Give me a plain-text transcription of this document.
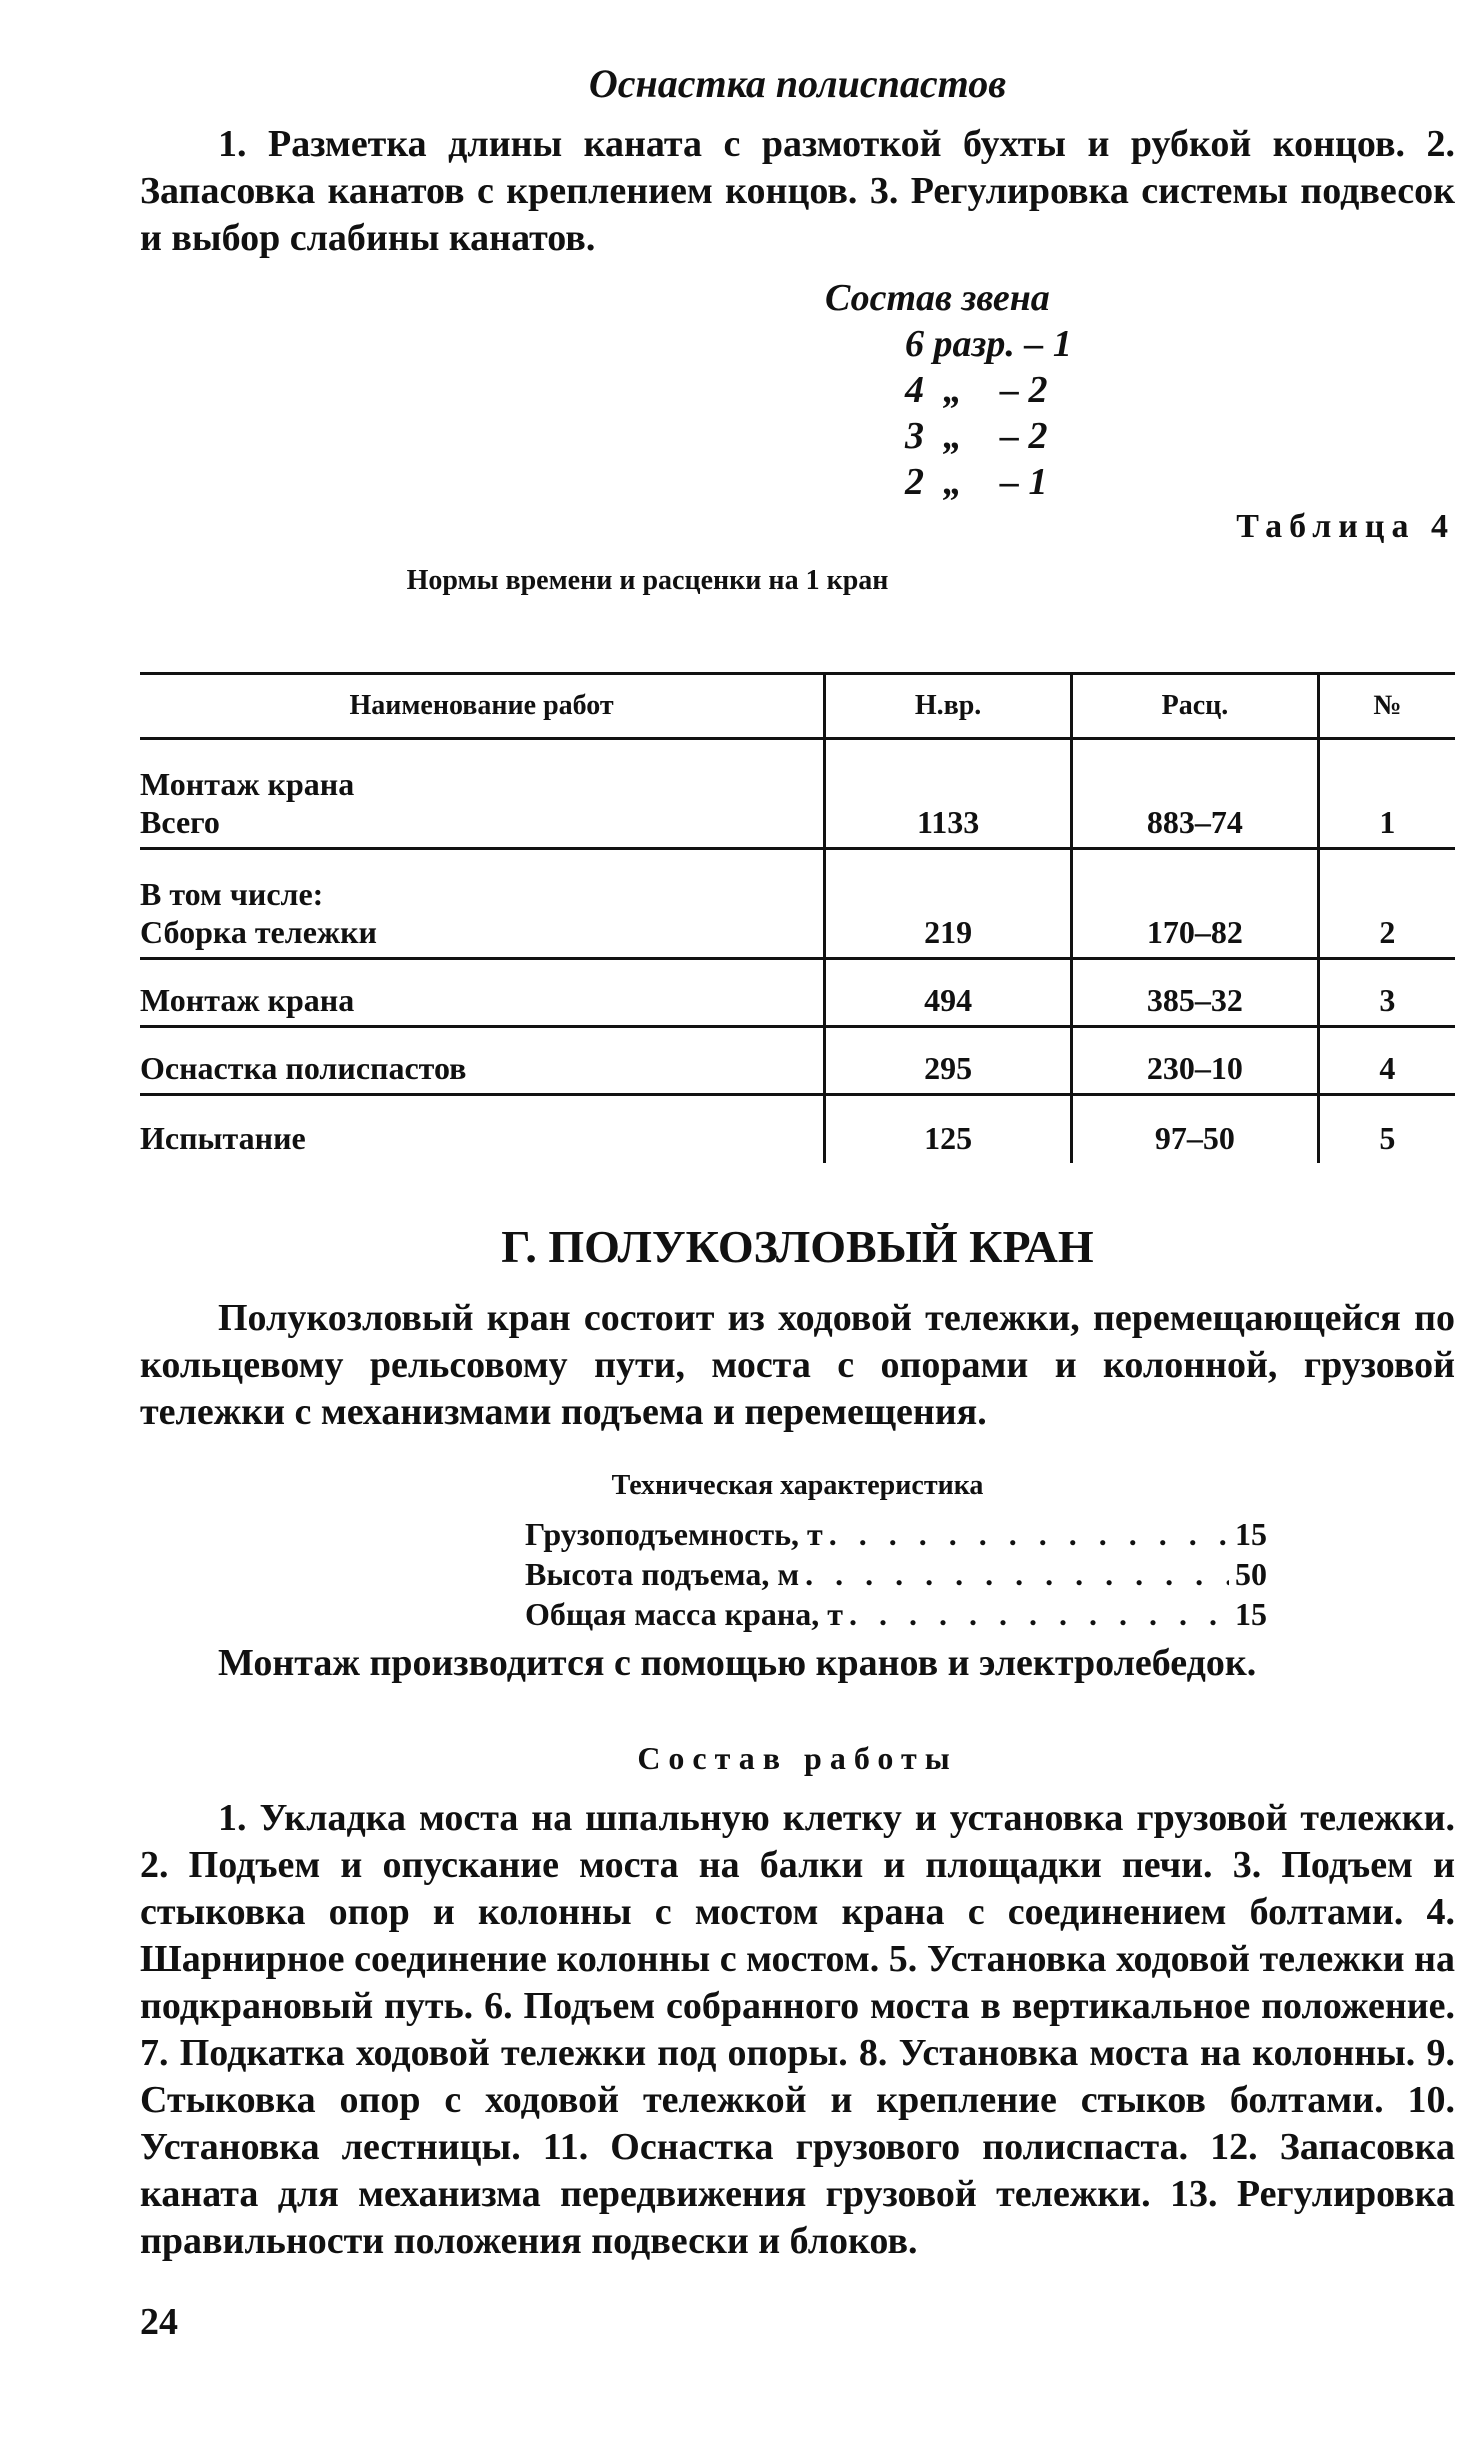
Оснастка полиспастов

1. Разметка длины каната с размоткой бухты и рубкой концов. 2. Запасовка канатов с креплением концов. 3. Регулировка системы подвесок и выбор слабины канатов.

Состав звена
6 разр. – 1
4  „    – 2
3  „    – 2
2  „    – 1
Таблица 4
Нормы времени и расценки на 1 кран
Наименование работ	Н.вр.	Расц.	№

Монтаж крана
Всего	1133	883–74	1

В том числе:
Сборка тележки	219	170–82	2
Монтаж крана	494	385–32	3
Оснастка полиспастов	295	230–10	4
Испытание	125	97–50	5
Г. ПОЛУКОЗЛОВЫЙ КРАН

Полукозловый кран состоит из ходовой тележки, перемещающейся по кольцевому рельсовому пути, моста с опорами и колонной, грузовой тележки с механизмами подъема и перемещения.

Техническая характеристика
Грузоподъемность, т . . .	15
Высота подъема, м . . .	50
Общая масса крана, т . . .	15

Монтаж производится с помощью кранов и электролебедок.

Состав работы

1. Укладка моста на шпальную клетку и установка грузовой тележки. 2. Подъем и опускание моста на балки и площадки печи. 3. Подъем и стыковка опор и колонны с мостом крана с соединением болтами. 4. Шарнирное соединение колонны с мостом. 5. Установка ходовой тележки на подкрановый путь. 6. Подъем собранного моста в вертикальное положение. 7. Подкатка ходовой тележки под опоры. 8. Установка моста на колонны. 9. Стыковка опор с ходовой тележкой и крепление стыков болтами. 10. Установка лестницы. 11. Оснастка грузового полиспаста. 12. Запасовка каната для механизма передвижения грузовой тележки. 13. Регулировка правильности положения подвески и блоков.

24
